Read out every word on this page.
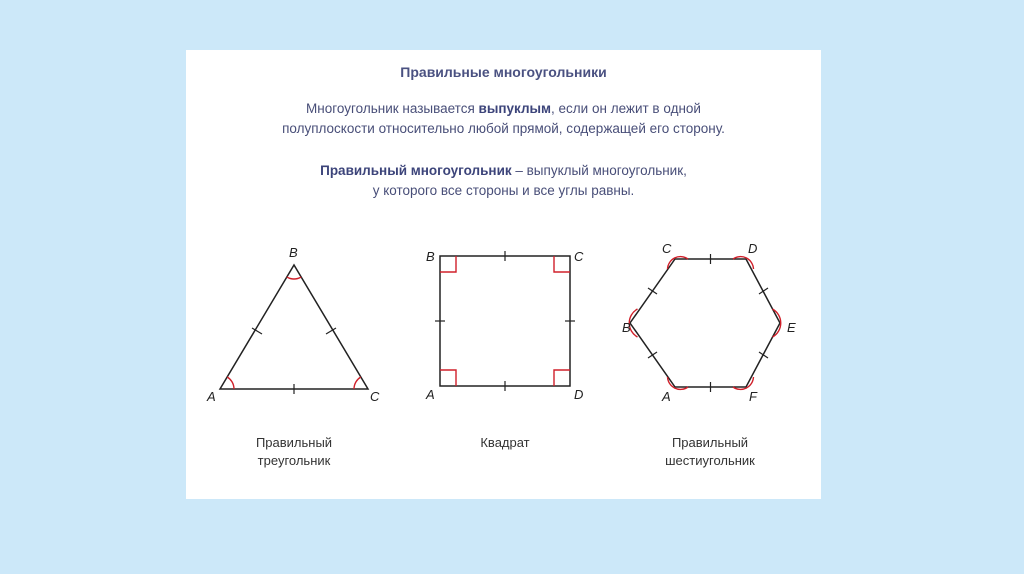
Правильные многоугольники
Многоугольник называется выпуклым, если он лежит в одной
полуплоскости относительно любой прямой, содержащей его сторону.
Правильный многоугольник – выпуклый многоугольник,
у которого все стороны и все углы равны.
A
B
C
B	C
A	D
C	D
B	E
A	F
Правильный
треугольник
Квадрат	Правильный
шестиугольник
